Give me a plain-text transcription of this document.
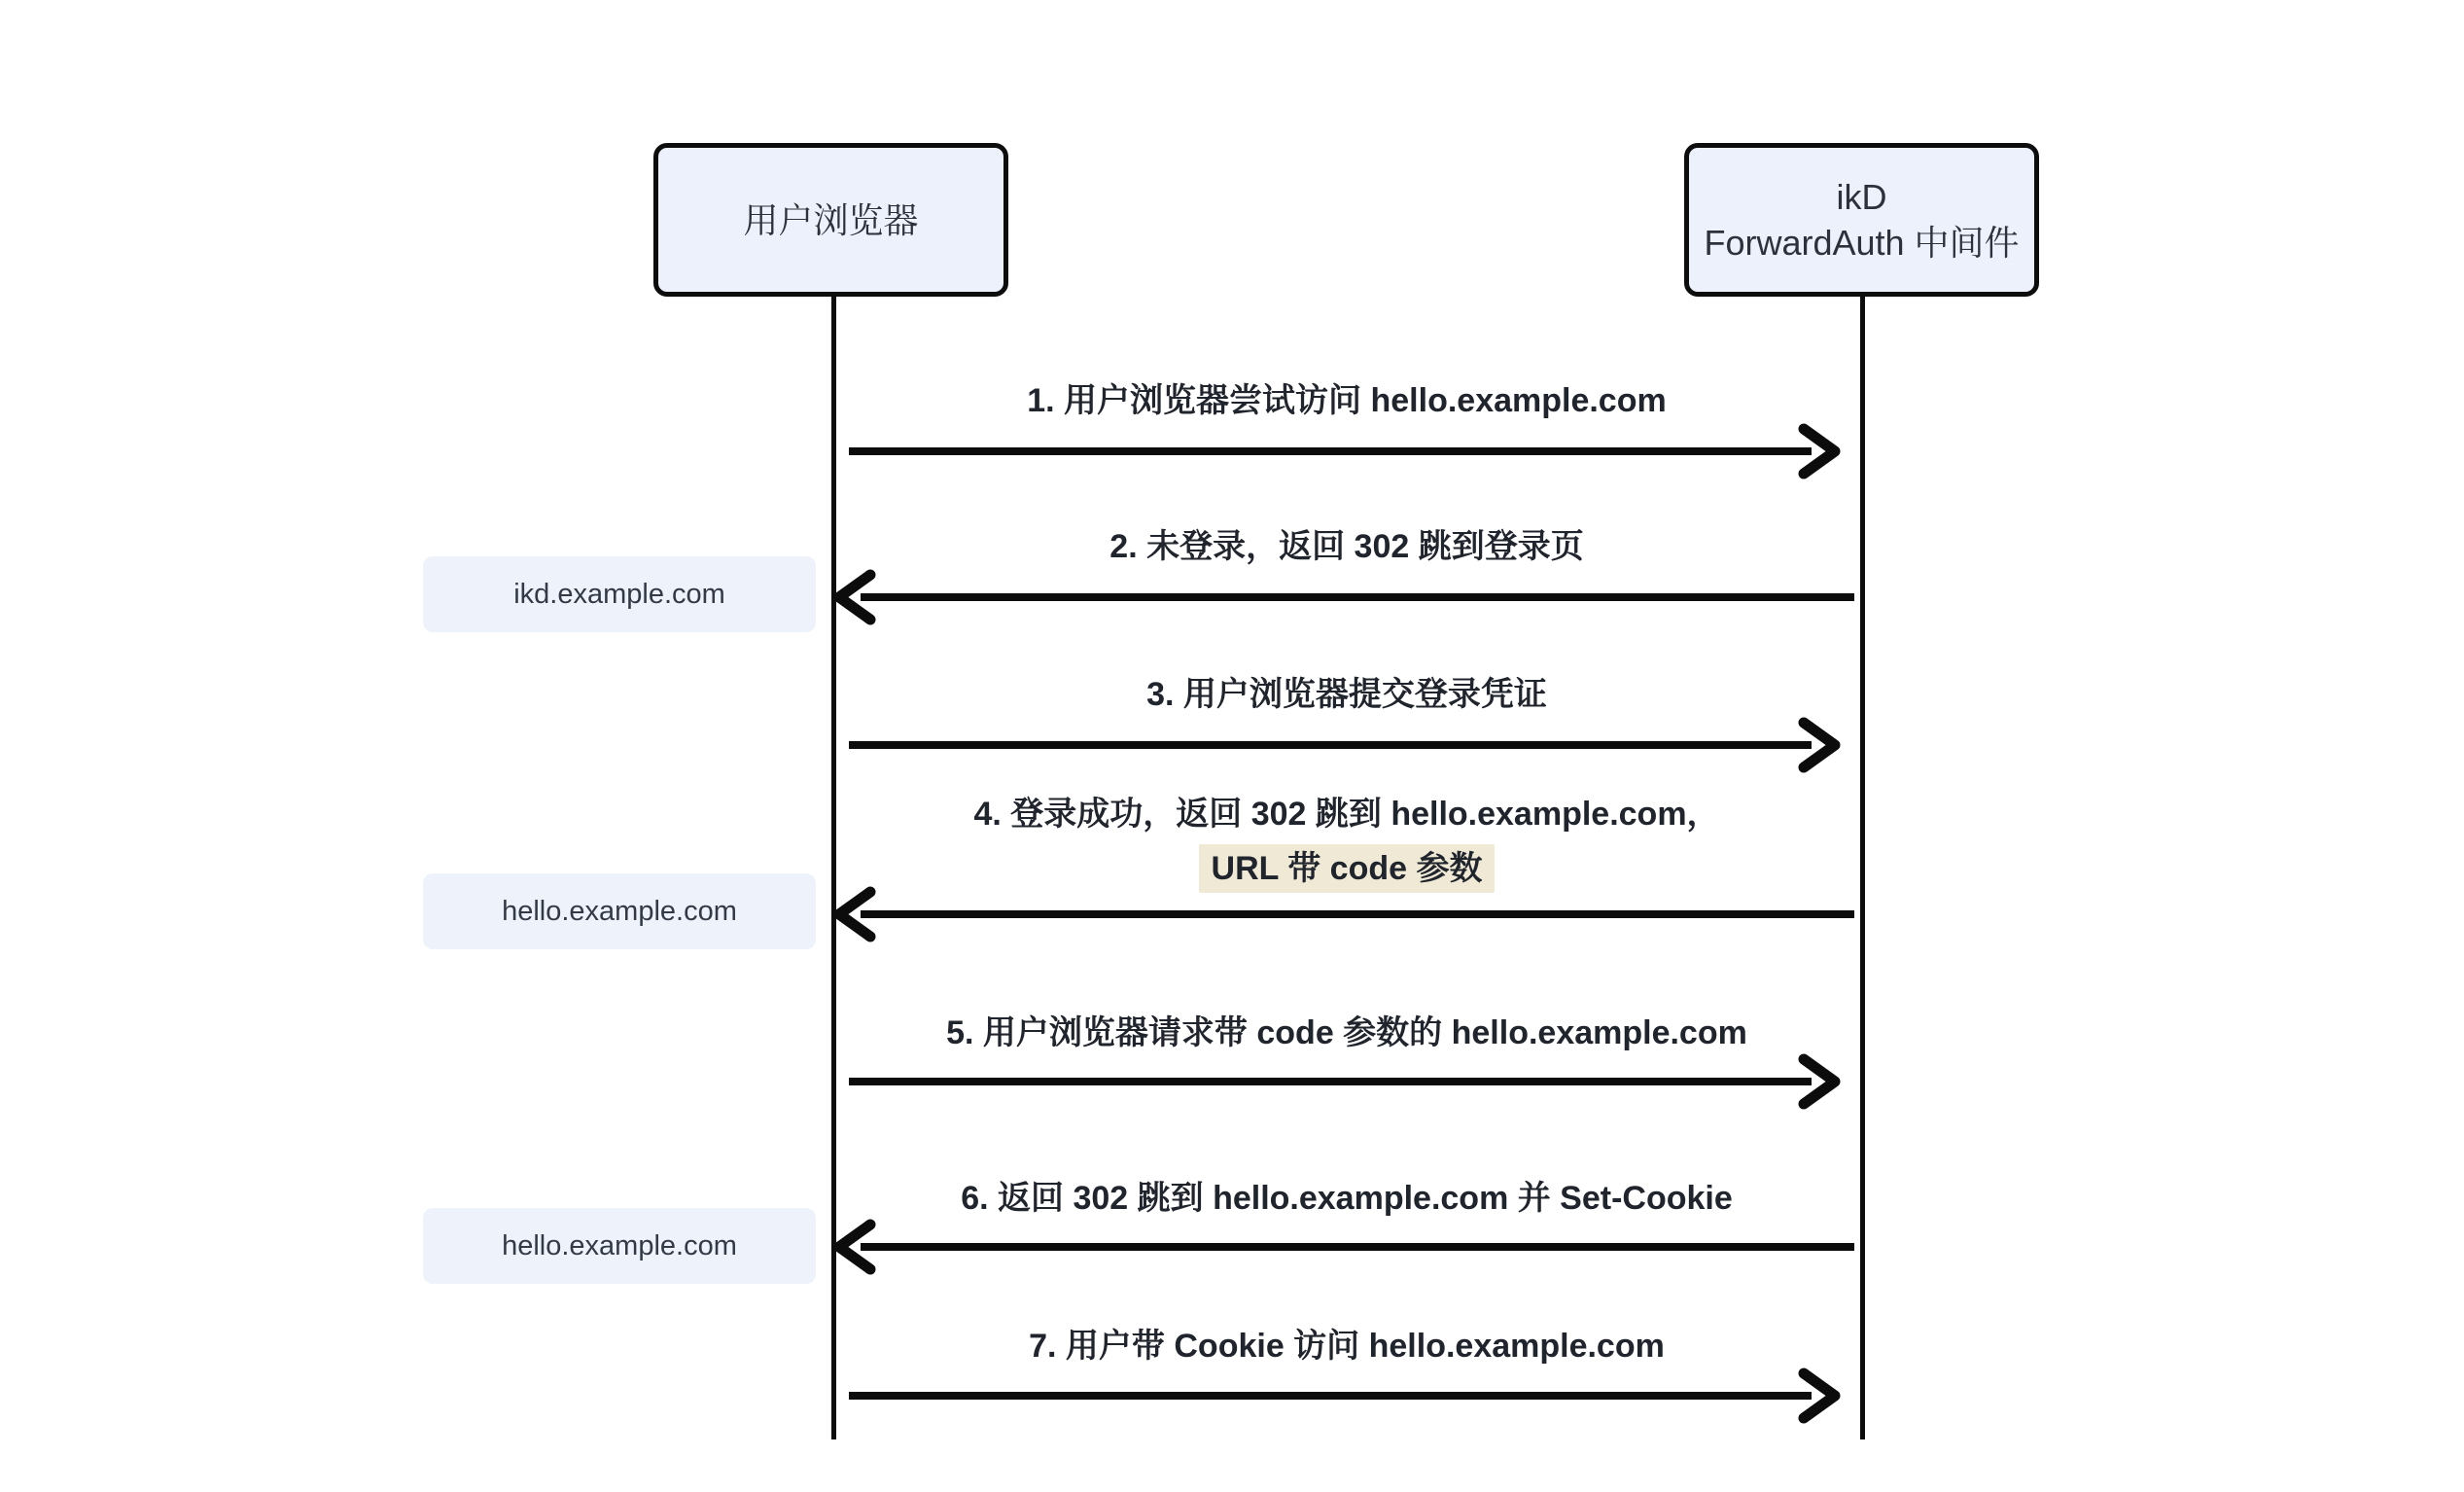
用户浏览器
ikD
ForwardAuth 中间件
ikd.example.com
hello.example.com
hello.example.com
1. 用户浏览器尝试访问 hello.example.com
2. 未登录，返回 302 跳到登录页
3. 用户浏览器提交登录凭证
4. 登录成功，返回 302 跳到 hello.example.com，
URL 带 code 参数
5. 用户浏览器请求带 code 参数的 hello.example.com
6. 返回 302 跳到 hello.example.com 并 Set-Cookie
7. 用户带 Cookie 访问 hello.example.com
